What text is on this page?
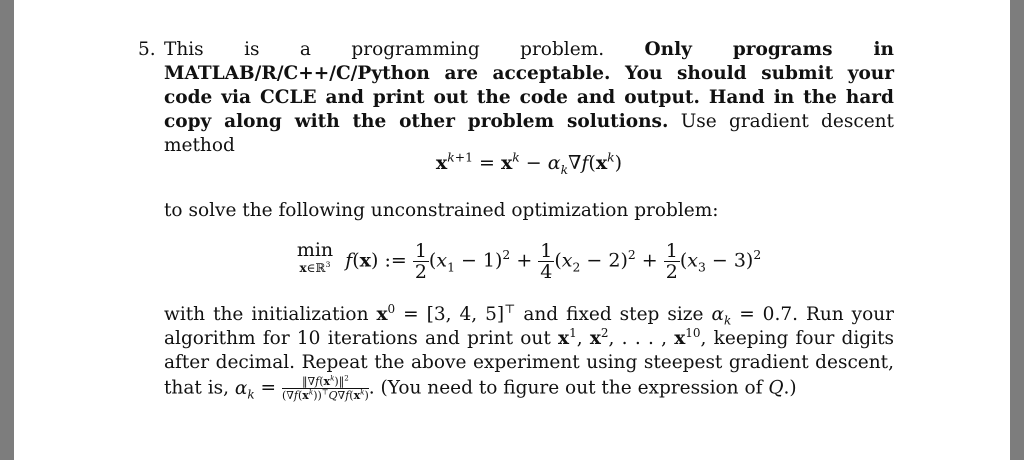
5. This is a programming problem. Only programs in MATLAB/R/C++/C/Python are acceptable. You should submit your code via CCLE and print out the code and output. Hand in the hard copy along with the other problem solutions. Use gradient descent method

$x^{k+1} = x^k - \alpha_k\nabla f(x^k)$

to solve the following unconstrained optimization problem:

min
x∈ℝ$^3$ f(x) := $\frac{1}{2} (x_1 - 1)^2 + \frac{1}{4} (x_2 - 2)^2 + \frac{1}{2} (x_3 - 3)^2$

with the initialization $x^0 = [3$, 4, 5]⊤ and fixed step size $\alpha_k = 0.7$. Run your algorithm for 10 iterations and print out $x^1$, $x^2$, . . . , $x^{10}$, keeping four digits after decimal. Repeat the above experiment using steepest gradient descent, that is, $\alpha_k = \frac{‖\nabla f(x^k)‖^2}{(\nabla f(x^k))^⊤Q\nabla f(x^k)}$ . (You need to figure out the expression of Q.)
